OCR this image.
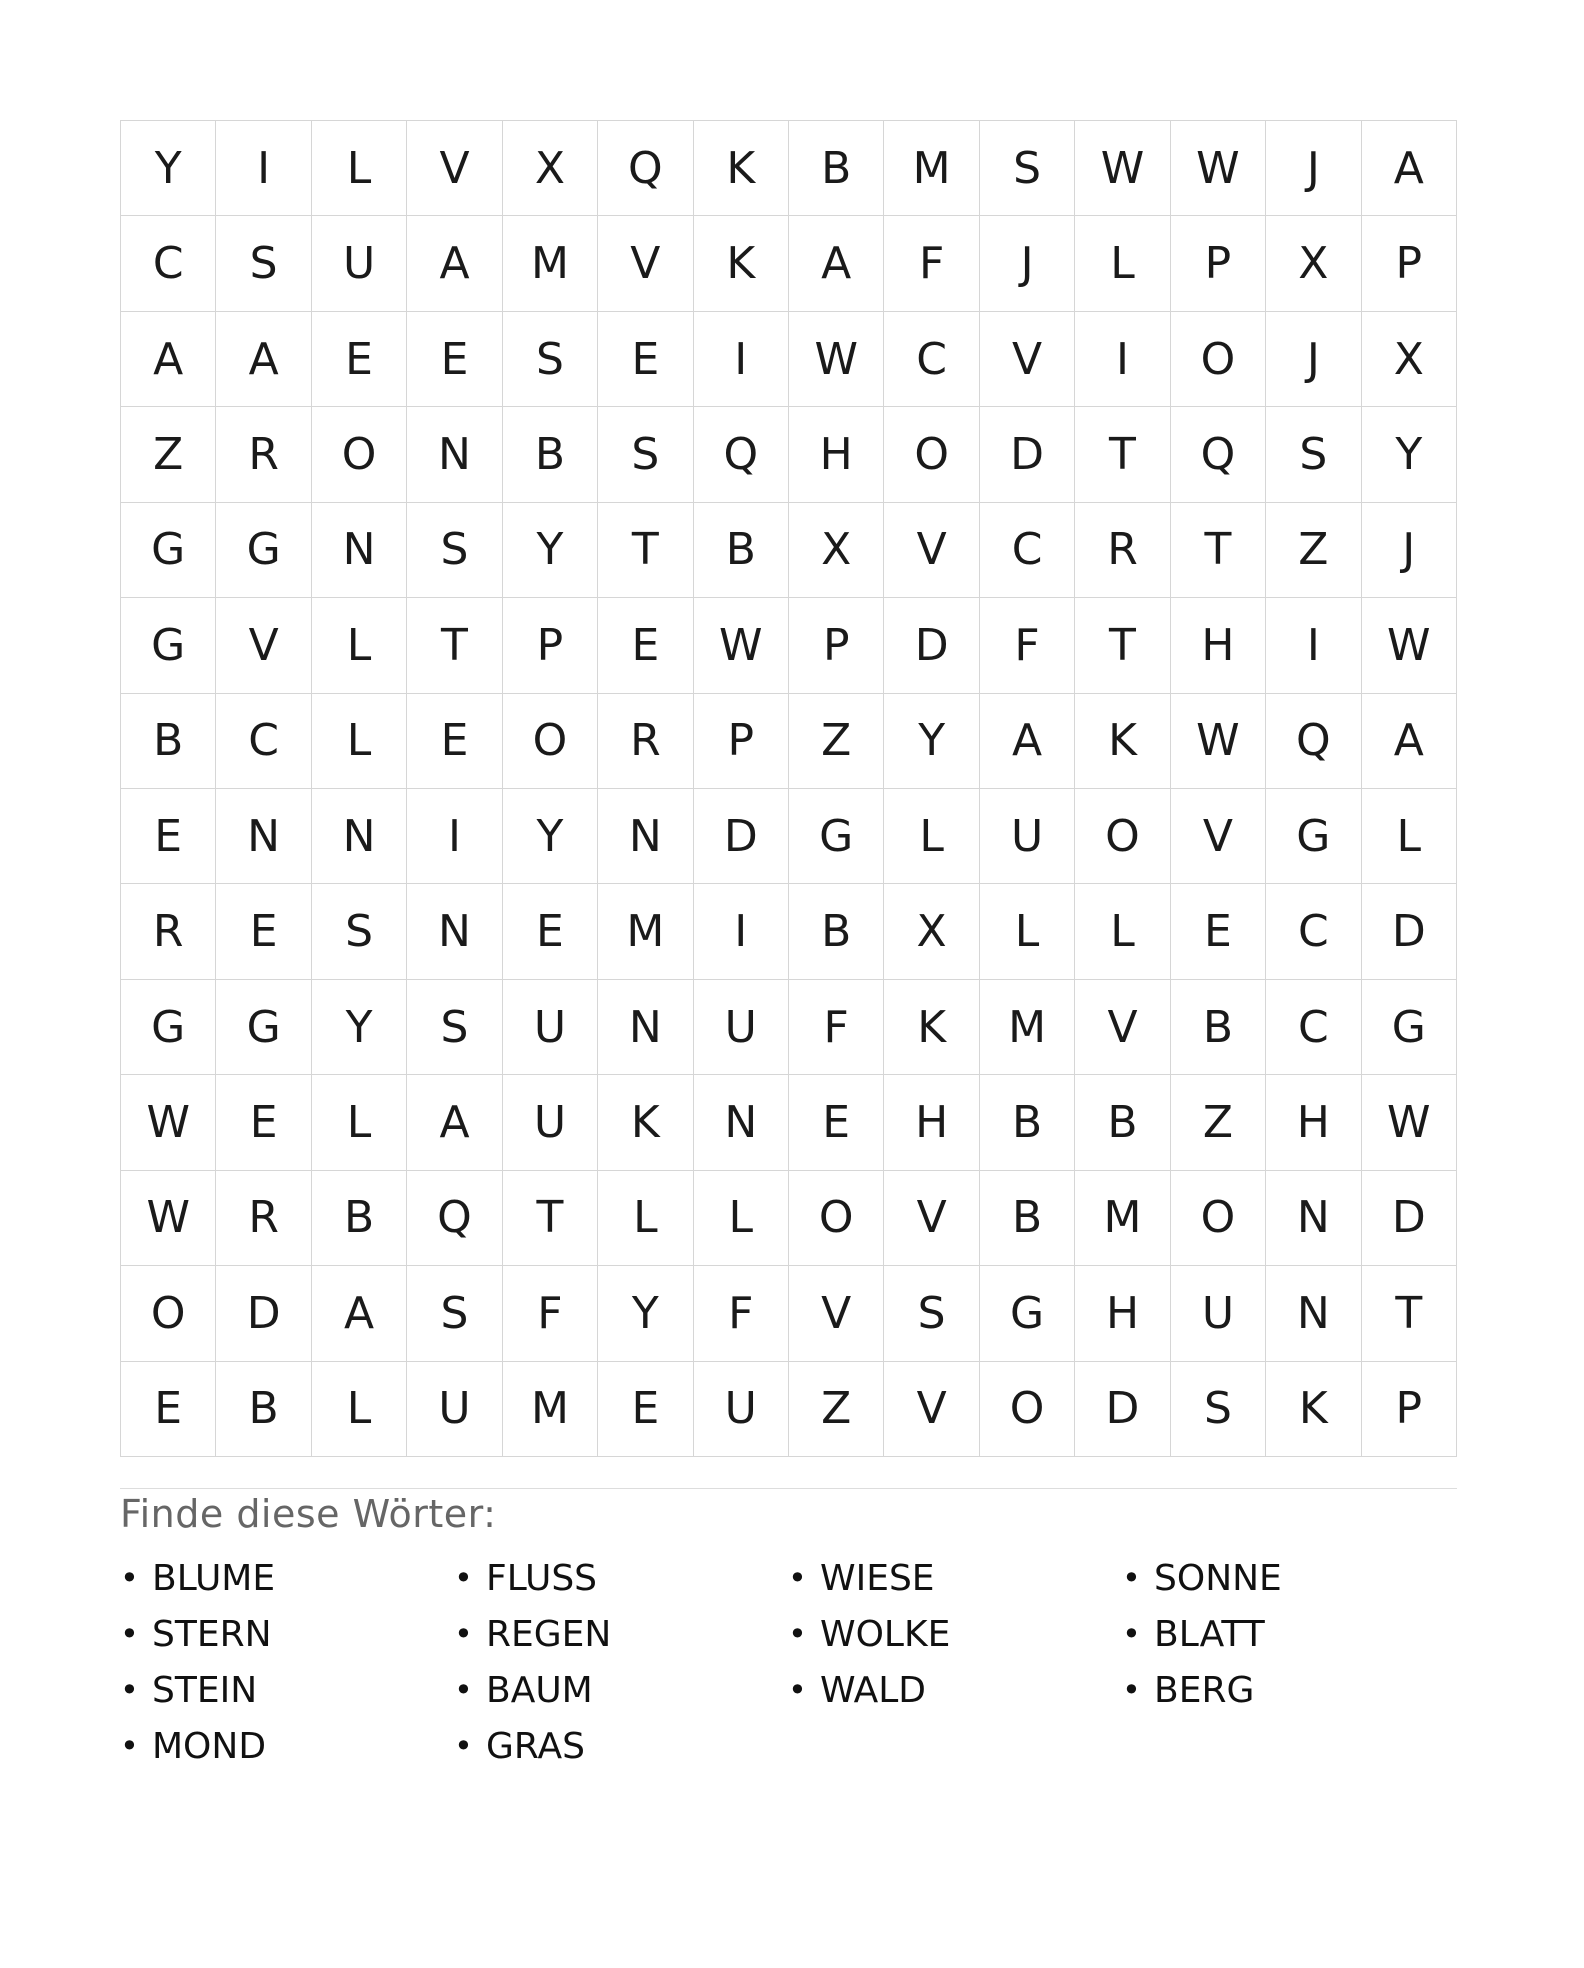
Y	I	L	V	X	Q	K	B	M	S	W	W	J	A
C	S	U	A	M	V	K	A	F	J	L	P	X	P
A	A	E	E	S	E	I	W	C	V	I	O	J	X
Z	R	O	N	B	S	Q	H	O	D	T	Q	S	Y
G	G	N	S	Y	T	B	X	V	C	R	T	Z	J
G	V	L	T	P	E	W	P	D	F	T	H	I	W
B	C	L	E	O	R	P	Z	Y	A	K	W	Q	A
E	N	N	I	Y	N	D	G	L	U	O	V	G	L
R	E	S	N	E	M	I	B	X	L	L	E	C	D
G	G	Y	S	U	N	U	F	K	M	V	B	C	G
W	E	L	A	U	K	N	E	H	B	B	Z	H	W
W	R	B	Q	T	L	L	O	V	B	M	O	N	D
O	D	A	S	F	Y	F	V	S	G	H	U	N	T
E	B	L	U	M	E	U	Z	V	O	D	S	K	P
Finde diese Wörter:
• BLUME	• FLUSS	• WIESE	• SONNE
• STERN	• REGEN	• WOLKE	• BLATT
• STEIN	• BAUM	• WALD	• BERG
• MOND	• GRAS
